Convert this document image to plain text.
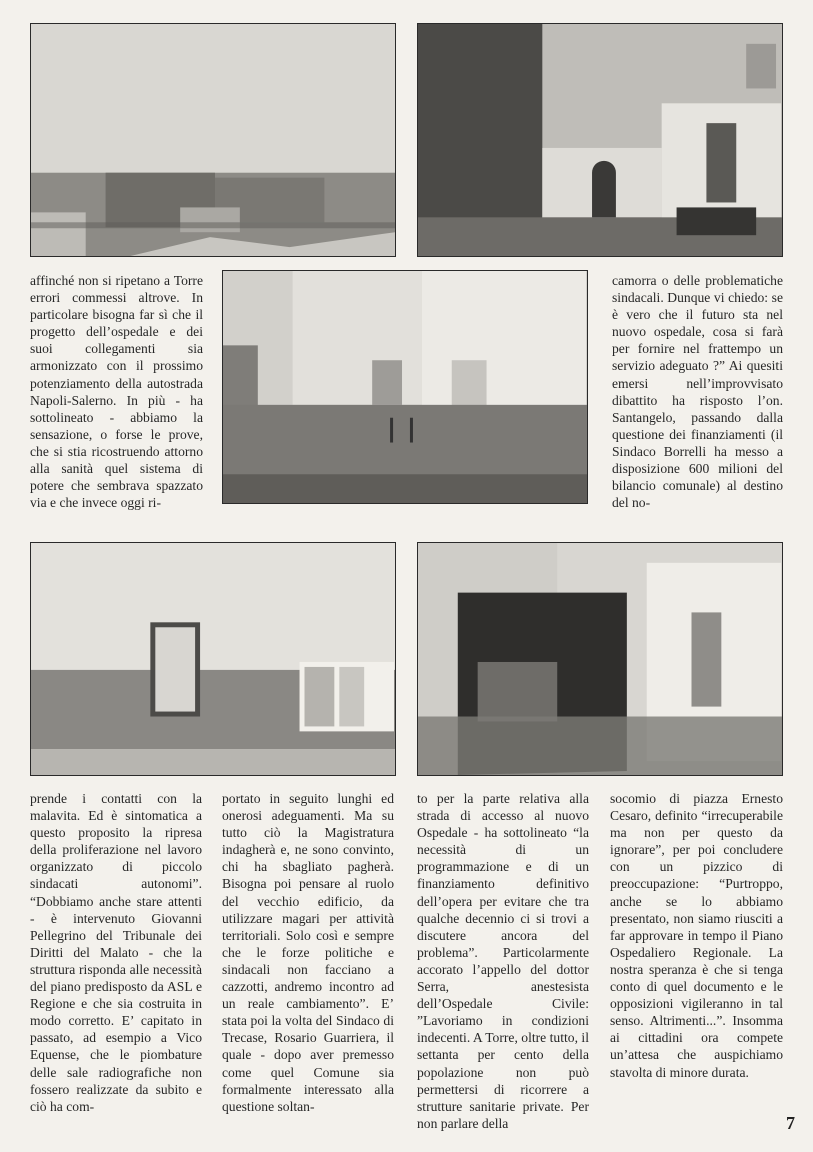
affinché non si ripetano a Torre errori commessi altrove. In particolare bisogna far sì che il progetto dell’ospedale e dei suoi collegamenti sia armonizzato con il prossimo potenziamento della autostrada Napoli-Salerno. In più - ha sottolineato - abbiamo la sensazione, o forse le prove, che si stia ricostruendo attorno alla sanità quel sistema di potere che sembrava spazzato via e che invece oggi ri-

camorra o delle problematiche sindacali. Dunque vi chiedo: se è vero che il futuro sta nel nuovo ospedale, cosa si farà per fornire nel frattempo un servizio adeguato ?” Ai quesiti emersi nell’improvvisato dibattito ha risposto l’on. Santangelo, passando dalla questione dei finanziamenti (il Sindaco Borrelli ha messo a disposizione 600 milioni del bilancio comunale) al destino del no-

prende i contatti con la malavita. Ed è sintomatica a questo proposito la ripresa della proliferazione nel lavoro organizzato di piccolo sindacati autonomi”. “Dobbiamo anche stare attenti - è intervenuto Giovanni Pellegrino del Tribunale dei Diritti del Malato - che la struttura risponda alle necessità del piano predisposto da ASL e Regione e che sia costruita in modo corretto. E’ capitato in passato, ad esempio a Vico Equense, che le piombature delle sale radiografiche non fossero realizzate da subito e ciò ha com-

portato in seguito lunghi ed onerosi adeguamenti. Ma su tutto ciò la Magistratura indagherà e, ne sono convinto, chi ha sbagliato pagherà. Bisogna poi pensare al ruolo del vecchio edificio, da utilizzare magari per attività territoriali. Solo così e sempre che le forze politiche e sindacali non facciano a cazzotti, andremo incontro ad un reale cambiamento”. E’ stata poi la volta del Sindaco di Trecase, Rosario Guarriera, il quale - dopo aver premesso come quel Comune sia formalmente interessato alla questione soltan-

to per la parte relativa alla strada di accesso al nuovo Ospedale - ha sottolineato “la necessità di un programmazione e di un finanziamento definitivo dell’opera per evitare che tra qualche decennio ci si trovi a discutere ancora del problema”. Particolarmente accorato l’appello del dottor Serra, anestesista dell’Ospedale Civile: ”Lavoriamo in condizioni indecenti. A Torre, oltre tutto, il settanta per cento della popolazione non può permettersi di ricorrere a strutture sanitarie private. Per non parlare della

socomio di piazza Ernesto Cesaro, definito “irrecuperabile ma non per questo da ignorare”, per poi concludere con un pizzico di preoccupazione: “Purtroppo, anche se lo abbiamo presentato, non siamo riusciti a far approvare in tempo il Piano Ospedaliero Regionale. La nostra speranza è che si tenga conto di quel documento e le opposizioni vigileranno in tal senso. Altrimenti...”. Insomma ai cittadini ora compete un’attesa che auspichiamo stavolta di minore durata.

7
